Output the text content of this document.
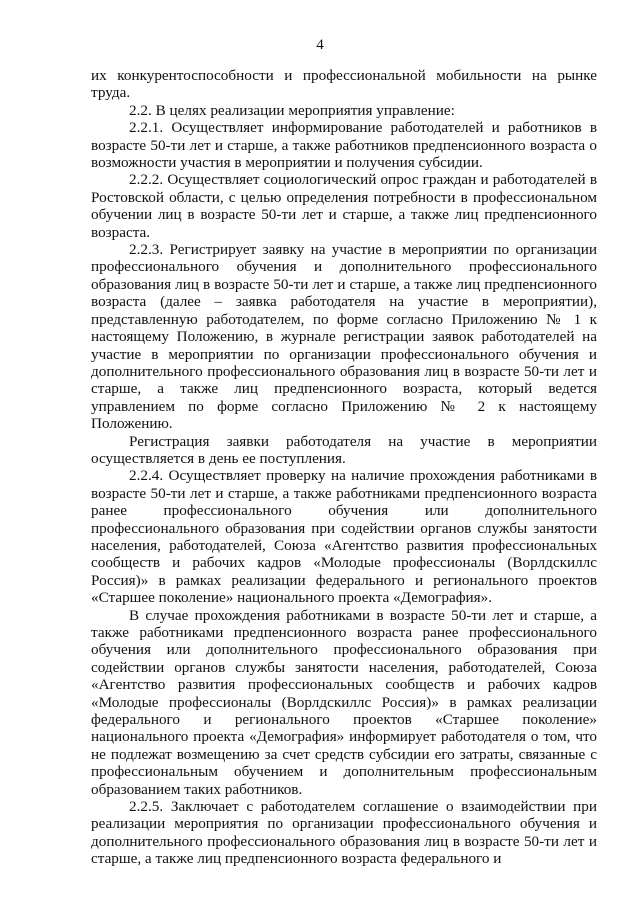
4

их конкурентоспособности и профессиональной мобильности на рынке труда.

2.2. В целях реализации мероприятия управление:

2.2.1. Осуществляет информирование работодателей и работников в возрасте 50-ти лет и старше, а также работников предпенсионного возраста о возможности участия в мероприятии и получения субсидии.

2.2.2. Осуществляет социологический опрос граждан и работодателей в Ростовской области, с целью определения потребности в профессиональном обучении лиц в возрасте 50-ти лет и старше, а также лиц предпенсионного возраста.

2.2.3. Регистрирует заявку на участие в мероприятии по организации профессионального обучения и дополнительного профессионального образования лиц в возрасте 50-ти лет и старше, а также лиц предпенсионного возраста (далее – заявка работодателя на участие в мероприятии), представленную работодателем, по форме согласно Приложению № 1 к настоящему Положению, в журнале регистрации заявок работодателей на участие в мероприятии по организации профессионального обучения и дополнительного профессионального образования лиц в возрасте 50-ти лет и старше, а также лиц предпенсионного возраста, который ведется управлением по форме согласно Приложению № 2 к настоящему Положению.

Регистрация заявки работодателя на участие в мероприятии осуществляется в день ее поступления.

2.2.4. Осуществляет проверку на наличие прохождения работниками в возрасте 50-ти лет и старше, а также работниками предпенсионного возраста ранее профессионального обучения или дополнительного профессионального образования при содействии органов службы занятости населения, работодателей, Союза «Агентство развития профессиональных сообществ и рабочих кадров «Молодые профессионалы (Ворлдскиллс Россия)» в рамках реализации федерального и регионального проектов «Старшее поколение» национального проекта «Демография».

В случае прохождения работниками в возрасте 50-ти лет и старше, а также работниками предпенсионного возраста ранее профессионального обучения или дополнительного профессионального образования при содействии органов службы занятости населения, работодателей, Союза «Агентство развития профессиональных сообществ и рабочих кадров «Молодые профессионалы (Ворлдскиллс Россия)» в рамках реализации федерального и регионального проектов «Старшее поколение» национального проекта «Демография» информирует работодателя о том, что не подлежат возмещению за счет средств субсидии его затраты, связанные с профессиональным обучением и дополнительным профессиональным образованием таких работников.

2.2.5. Заключает с работодателем соглашение о взаимодействии при реализации мероприятия по организации профессионального обучения и дополнительного профессионального образования лиц в возрасте 50-ти лет и старше, а также лиц предпенсионного возраста федерального и
